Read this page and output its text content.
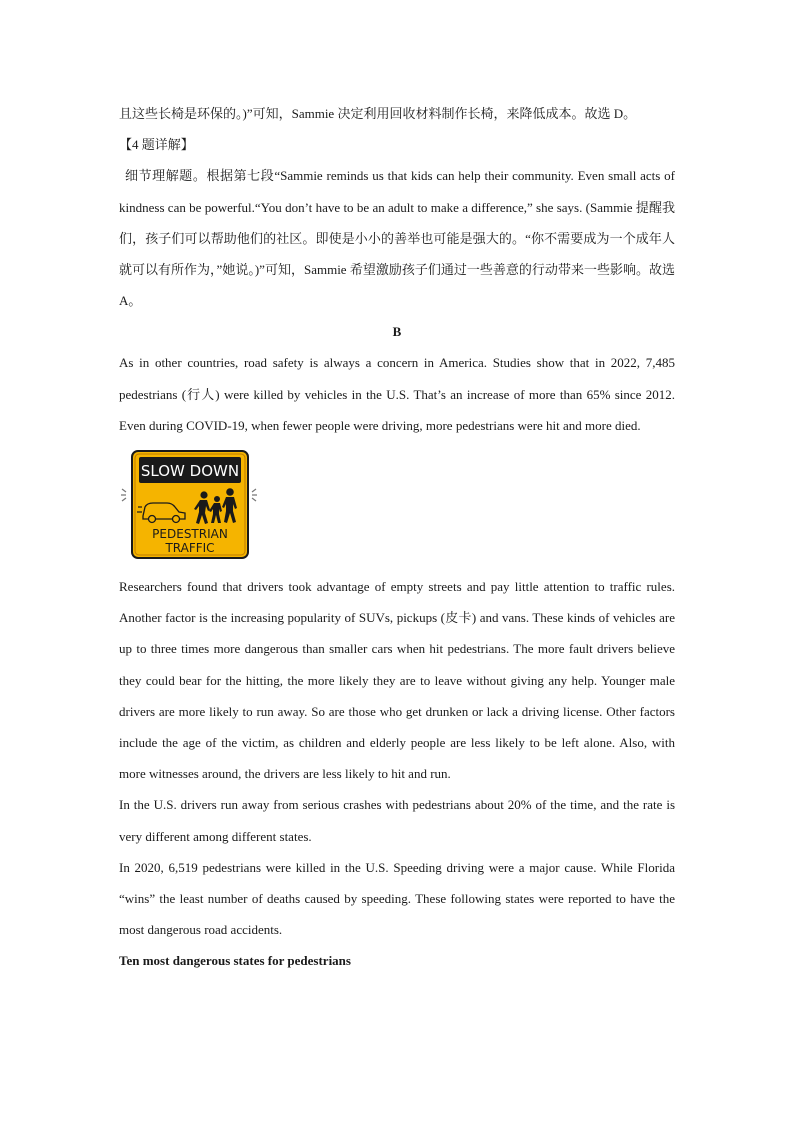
且这些长椅是环保的。)”可知，Sammie 决定利用回收材料制作长椅，来降低成本。故选 D。

【4 题详解】

细节理解题。根据第七段“Sammie reminds us that kids can help their community. Even small acts of kindness can be powerful.“You don’t have to be an adult to make a difference,” she says. (Sammie 提醒我们，孩子们可以帮助他们的社区。即使是小小的善举也可能是强大的。“你不需要成为一个成年人就可以有所作为，”她说。)”可知，Sammie 希望激励孩子们通过一些善意的行动带来一些影响。故选 A。

B

As in other countries, road safety is always a concern in America. Studies show that in 2022, 7,485 pedestrians (行人) were killed by vehicles in the U.S. That’s an increase of more than 65% since 2012. Even during COVID-19, when fewer people were driving, more pedestrians were hit and more died.

SLOW DOWN
PEDESTRIAN
TRAFFIC

Researchers found that drivers took advantage of empty streets and pay little attention to traffic rules. Another factor is the increasing popularity of SUVs, pickups (皮卡) and vans. These kinds of vehicles are up to three times more dangerous than smaller cars when hit pedestrians. The more fault drivers believe they could bear for the hitting, the more likely they are to leave without giving any help. Younger male drivers are more likely to run away. So are those who get drunken or lack a driving license. Other factors include the age of the victim, as children and elderly people are less likely to be left alone. Also, with more witnesses around, the drivers are less likely to hit and run.

In the U.S. drivers run away from serious crashes with pedestrians about 20% of the time, and the rate is very different among different states.

In 2020, 6,519 pedestrians were killed in the U.S. Speeding driving were a major cause. While Florida “wins” the least number of deaths caused by speeding. These following states were reported to have the most dangerous road accidents.

Ten most dangerous states for pedestrians
